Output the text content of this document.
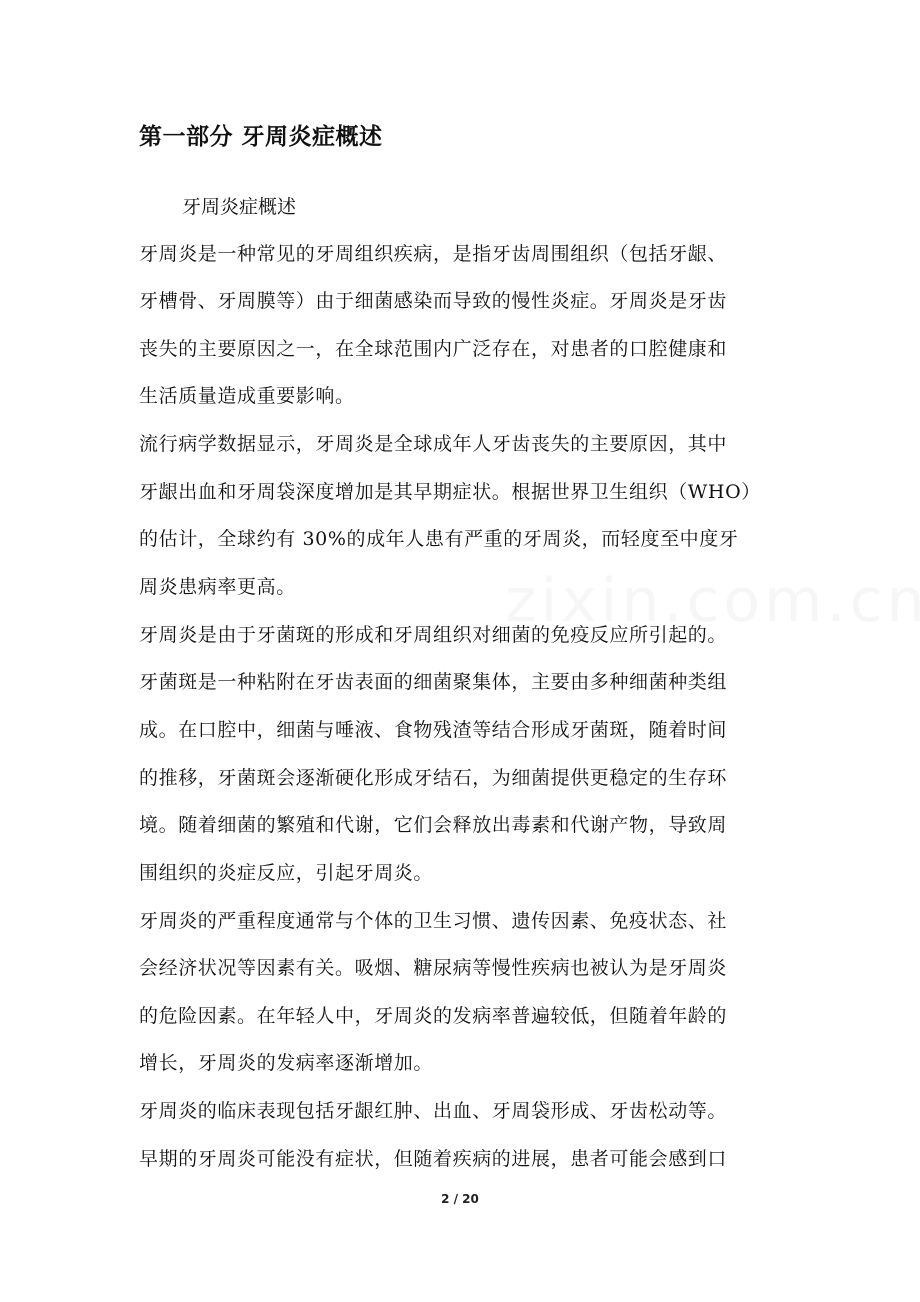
第一部分 牙周炎症概述

牙周炎症概述

牙周炎是一种常见的牙周组织疾病，是指牙齿周围组织（包括牙龈、

牙槽骨、牙周膜等）由于细菌感染而导致的慢性炎症。牙周炎是牙齿

丧失的主要原因之一，在全球范围内广泛存在，对患者的口腔健康和

生活质量造成重要影响。

流行病学数据显示，牙周炎是全球成年人牙齿丧失的主要原因，其中

牙龈出血和牙周袋深度增加是其早期症状。根据世界卫生组织（WHO）

的估计，全球约有 30%的成年人患有严重的牙周炎，而轻度至中度牙

周炎患病率更高。

牙周炎是由于牙菌斑的形成和牙周组织对细菌的免疫反应所引起的。

牙菌斑是一种粘附在牙齿表面的细菌聚集体，主要由多种细菌种类组

成。在口腔中，细菌与唾液、食物残渣等结合形成牙菌斑，随着时间

的推移，牙菌斑会逐渐硬化形成牙结石，为细菌提供更稳定的生存环

境。随着细菌的繁殖和代谢，它们会释放出毒素和代谢产物，导致周

围组织的炎症反应，引起牙周炎。

牙周炎的严重程度通常与个体的卫生习惯、遗传因素、免疫状态、社

会经济状况等因素有关。吸烟、糖尿病等慢性疾病也被认为是牙周炎

的危险因素。在年轻人中，牙周炎的发病率普遍较低，但随着年龄的

增长，牙周炎的发病率逐渐增加。

牙周炎的临床表现包括牙龈红肿、出血、牙周袋形成、牙齿松动等。

早期的牙周炎可能没有症状，但随着疾病的进展，患者可能会感到口

2 / 20
